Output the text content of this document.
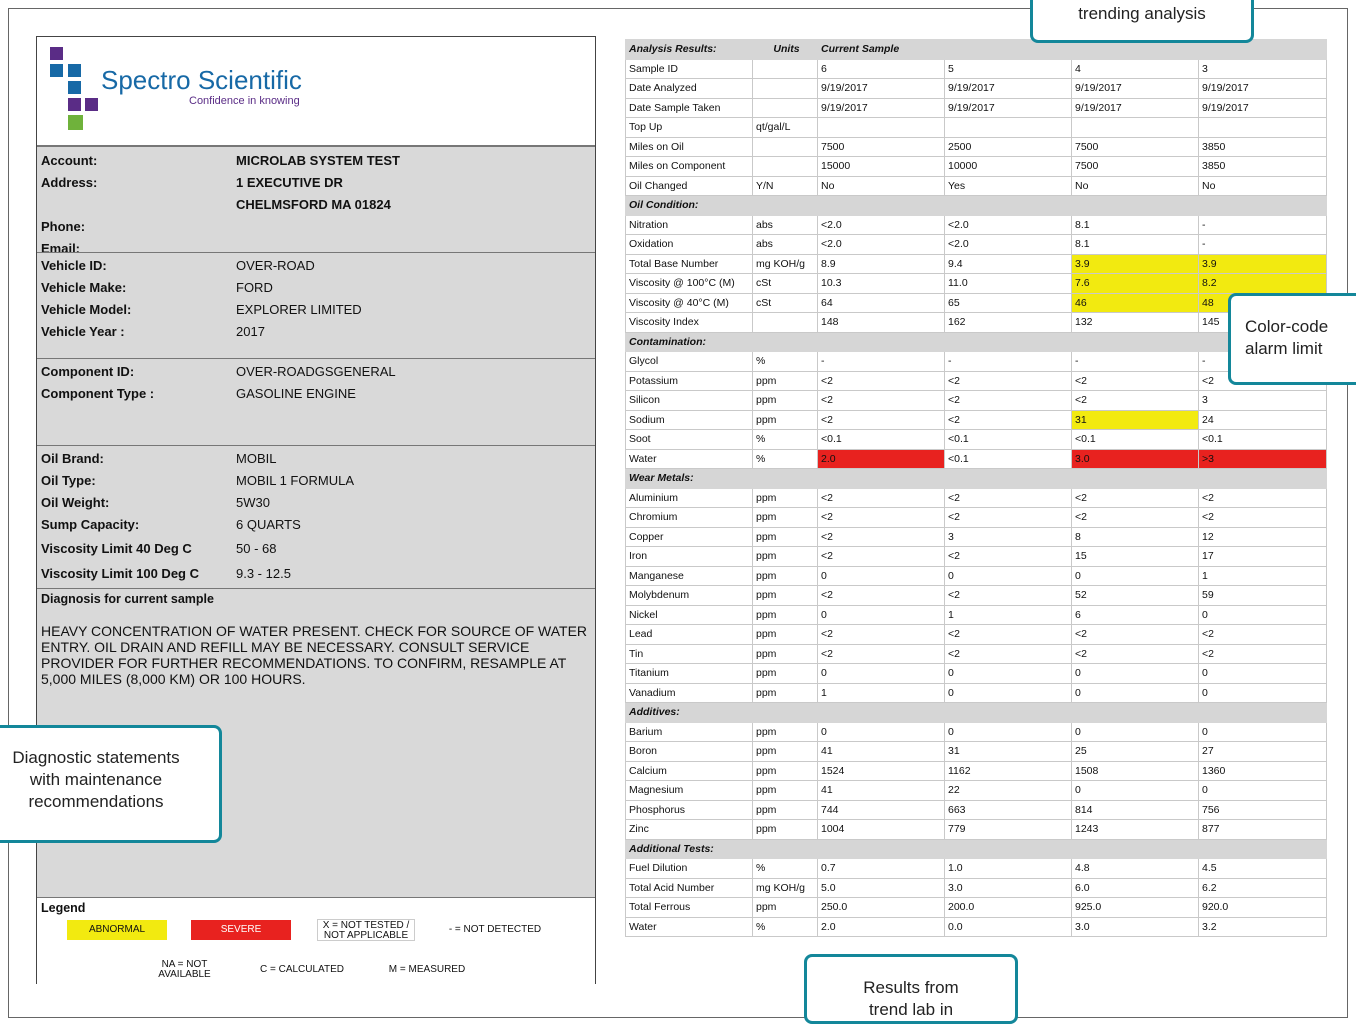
Spectro Scientific
Confidence in knowing
Account:	MICROLAB SYSTEM TEST
Address:	1 EXECUTIVE DR
CHELMSFORD MA 01824
Phone:
Email:
Vehicle ID:	OVER-ROAD
Vehicle Make:	FORD
Vehicle Model:	EXPLORER LIMITED
Vehicle Year :	2017
Component ID:	OVER-ROADGSGENERAL
Component Type :	GASOLINE ENGINE
Oil Brand:	MOBIL
Oil Type:	MOBIL 1 FORMULA
Oil Weight:	5W30
Sump Capacity:	6 QUARTS
Viscosity Limit 40 Deg C	50 - 68
Viscosity Limit 100 Deg C	9.3 - 12.5
Diagnosis for current sample
HEAVY CONCENTRATION OF WATER PRESENT. CHECK FOR SOURCE OF WATER ENTRY. OIL DRAIN AND REFILL MAY BE NECESSARY. CONSULT SERVICE PROVIDER FOR FURTHER RECOMMENDATIONS. TO CONFIRM, RESAMPLE AT 5,000 MILES (8,000 KM) OR 100 HOURS.
Legend
ABNORMAL	SEVERE	X = NOT TESTED / NOT APPLICABLE
- = NOT DETECTED
NA = NOT AVAILABLE	C = CALCULATED	M = MEASURED
Analysis Results:	Units	Current Sample			
Sample ID		6	5	4	3
Date Analyzed		9/19/2017	9/19/2017	9/19/2017	9/19/2017
Date Sample Taken		9/19/2017	9/19/2017	9/19/2017	9/19/2017
Top Up	qt/gal/L				
Miles on Oil		7500	2500	7500	3850
Miles on Component		15000	10000	7500	3850
Oil Changed	Y/N	No	Yes	No	No
Oil Condition:					
Nitration	abs	<2.0	<2.0	8.1	-
Oxidation	abs	<2.0	<2.0	8.1	-
Total Base Number	mg KOH/g	8.9	9.4	3.9	3.9
Viscosity @ 100°C (M)	cSt	10.3	11.0	7.6	8.2
Viscosity @ 40°C (M)	cSt	64	65	46	48
Viscosity Index		148	162	132	145
Contamination:					
Glycol	%	-	-	-	-
Potassium	ppm	<2	<2	<2	<2
Silicon	ppm	<2	<2	<2	3
Sodium	ppm	<2	<2	31	24
Soot	%	<0.1	<0.1	<0.1	<0.1
Water	%	2.0	<0.1	3.0	>3
Wear Metals:					
Aluminium	ppm	<2	<2	<2	<2
Chromium	ppm	<2	<2	<2	<2
Copper	ppm	<2	3	8	12
Iron	ppm	<2	<2	15	17
Manganese	ppm	0	0	0	1
Molybdenum	ppm	<2	<2	52	59
Nickel	ppm	0	1	6	0
Lead	ppm	<2	<2	<2	<2
Tin	ppm	<2	<2	<2	<2
Titanium	ppm	0	0	0	0
Vanadium	ppm	1	0	0	0
Additives:					
Barium	ppm	0	0	0	0
Boron	ppm	41	31	25	27
Calcium	ppm	1524	1162	1508	1360
Magnesium	ppm	41	22	0	0
Phosphorus	ppm	744	663	814	756
Zinc	ppm	1004	779	1243	877
Additional Tests:					
Fuel Dilution	%	0.7	1.0	4.8	4.5
Total Acid Number	mg KOH/g	5.0	3.0	6.0	6.2
Total Ferrous	ppm	250.0	200.0	925.0	920.0
Water	%	2.0	0.0	3.0	3.2
trending analysis
Color-code
alarm limit
Diagnostic statements
with maintenance
recommendations
Results from
trend lab in
